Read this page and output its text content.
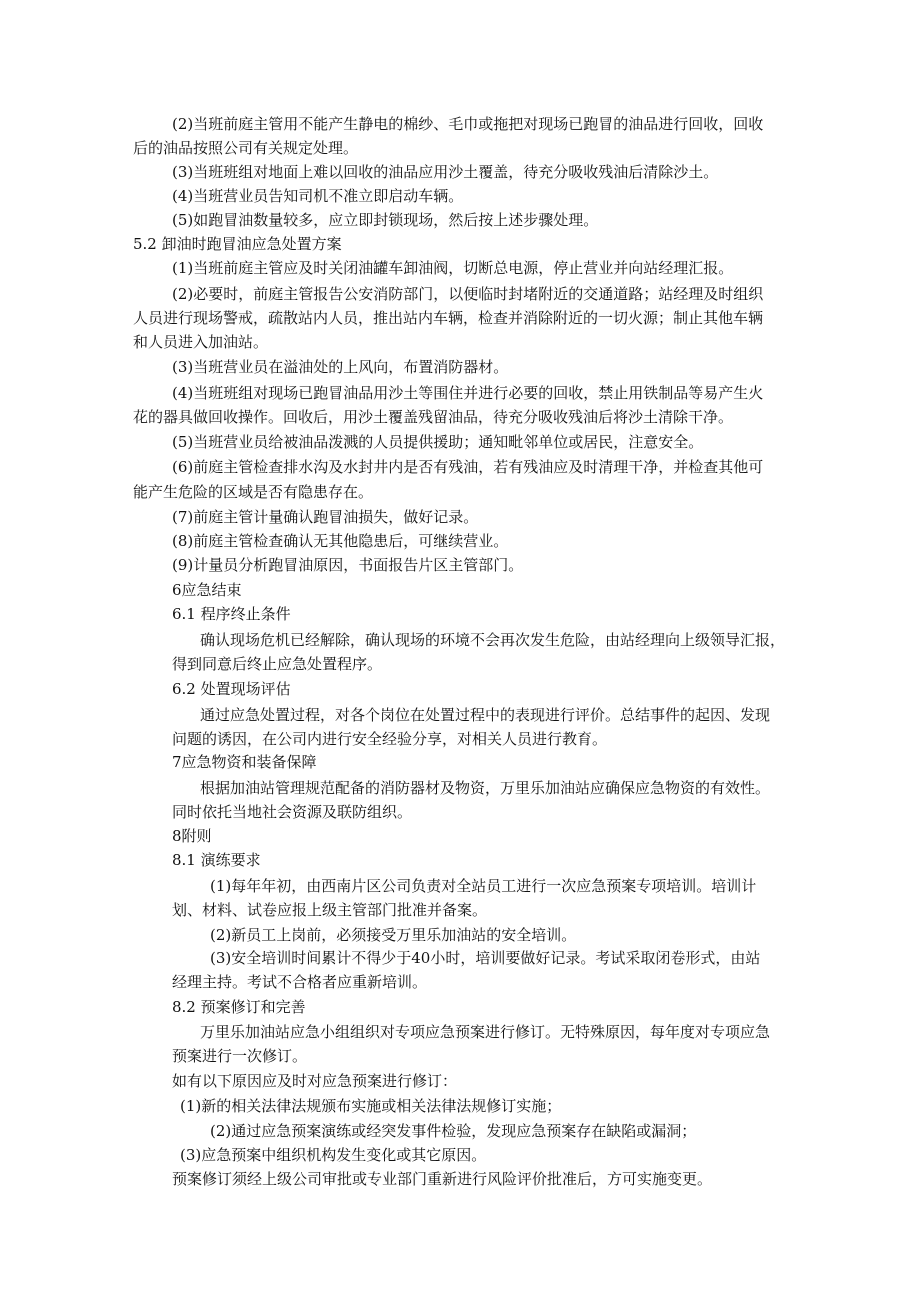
(2)当班前庭主管用不能产生静电的棉纱、毛巾或拖把对现场已跑冒的油品进行回收，回收
后的油品按照公司有关规定处理。
(3)当班班组对地面上难以回收的油品应用沙土覆盖，待充分吸收残油后清除沙土。
(4)当班营业员告知司机不准立即启动车辆。
(5)如跑冒油数量较多，应立即封锁现场，然后按上述步骤处理。
5.2 卸油时跑冒油应急处置方案
(1)当班前庭主管应及时关闭油罐车卸油阀，切断总电源，停止营业并向站经理汇报。
(2)必要时，前庭主管报告公安消防部门，以便临时封堵附近的交通道路；站经理及时组织
人员进行现场警戒，疏散站内人员，推出站内车辆，检查并消除附近的一切火源；制止其他车辆
和人员进入加油站。
(3)当班营业员在溢油处的上风向，布置消防器材。
(4)当班班组对现场已跑冒油品用沙土等围住并进行必要的回收，禁止用铁制品等易产生火
花的器具做回收操作。回收后，用沙土覆盖残留油品，待充分吸收残油后将沙土清除干净。
(5)当班营业员给被油品泼溅的人员提供援助；通知毗邻单位或居民，注意安全。
(6)前庭主管检查排水沟及水封井内是否有残油，若有残油应及时清理干净，并检查其他可
能产生危险的区域是否有隐患存在。
(7)前庭主管计量确认跑冒油损失，做好记录。
(8)前庭主管检查确认无其他隐患后，可继续营业。
(9)计量员分析跑冒油原因，书面报告片区主管部门。
6应急结束
6.1 程序终止条件
确认现场危机已经解除，确认现场的环境不会再次发生危险，由站经理向上级领导汇报，
得到同意后终止应急处置程序。
6.2 处置现场评估
通过应急处置过程，对各个岗位在处置过程中的表现进行评价。总结事件的起因、发现
问题的诱因，在公司内进行安全经验分享，对相关人员进行教育。
7应急物资和装备保障
根据加油站管理规范配备的消防器材及物资，万里乐加油站应确保应急物资的有效性。
同时依托当地社会资源及联防组织。
8附则
8.1 演练要求
(1)每年年初，由西南片区公司负责对全站员工进行一次应急预案专项培训。培训计
划、材料、试卷应报上级主管部门批准并备案。
(2)新员工上岗前，必须接受万里乐加油站的安全培训。
(3)安全培训时间累计不得少于40小时，培训要做好记录。考试采取闭卷形式，由站
经理主持。考试不合格者应重新培训。
8.2 预案修订和完善
万里乐加油站应急小组组织对专项应急预案进行修订。无特殊原因，每年度对专项应急
预案进行一次修订。
如有以下原因应及时对应急预案进行修订：
(1)新的相关法律法规颁布实施或相关法律法规修订实施；
(2)通过应急预案演练或经突发事件检验，发现应急预案存在缺陷或漏洞；
(3)应急预案中组织机构发生变化或其它原因。
预案修订须经上级公司审批或专业部门重新进行风险评价批准后，方可实施变更。
